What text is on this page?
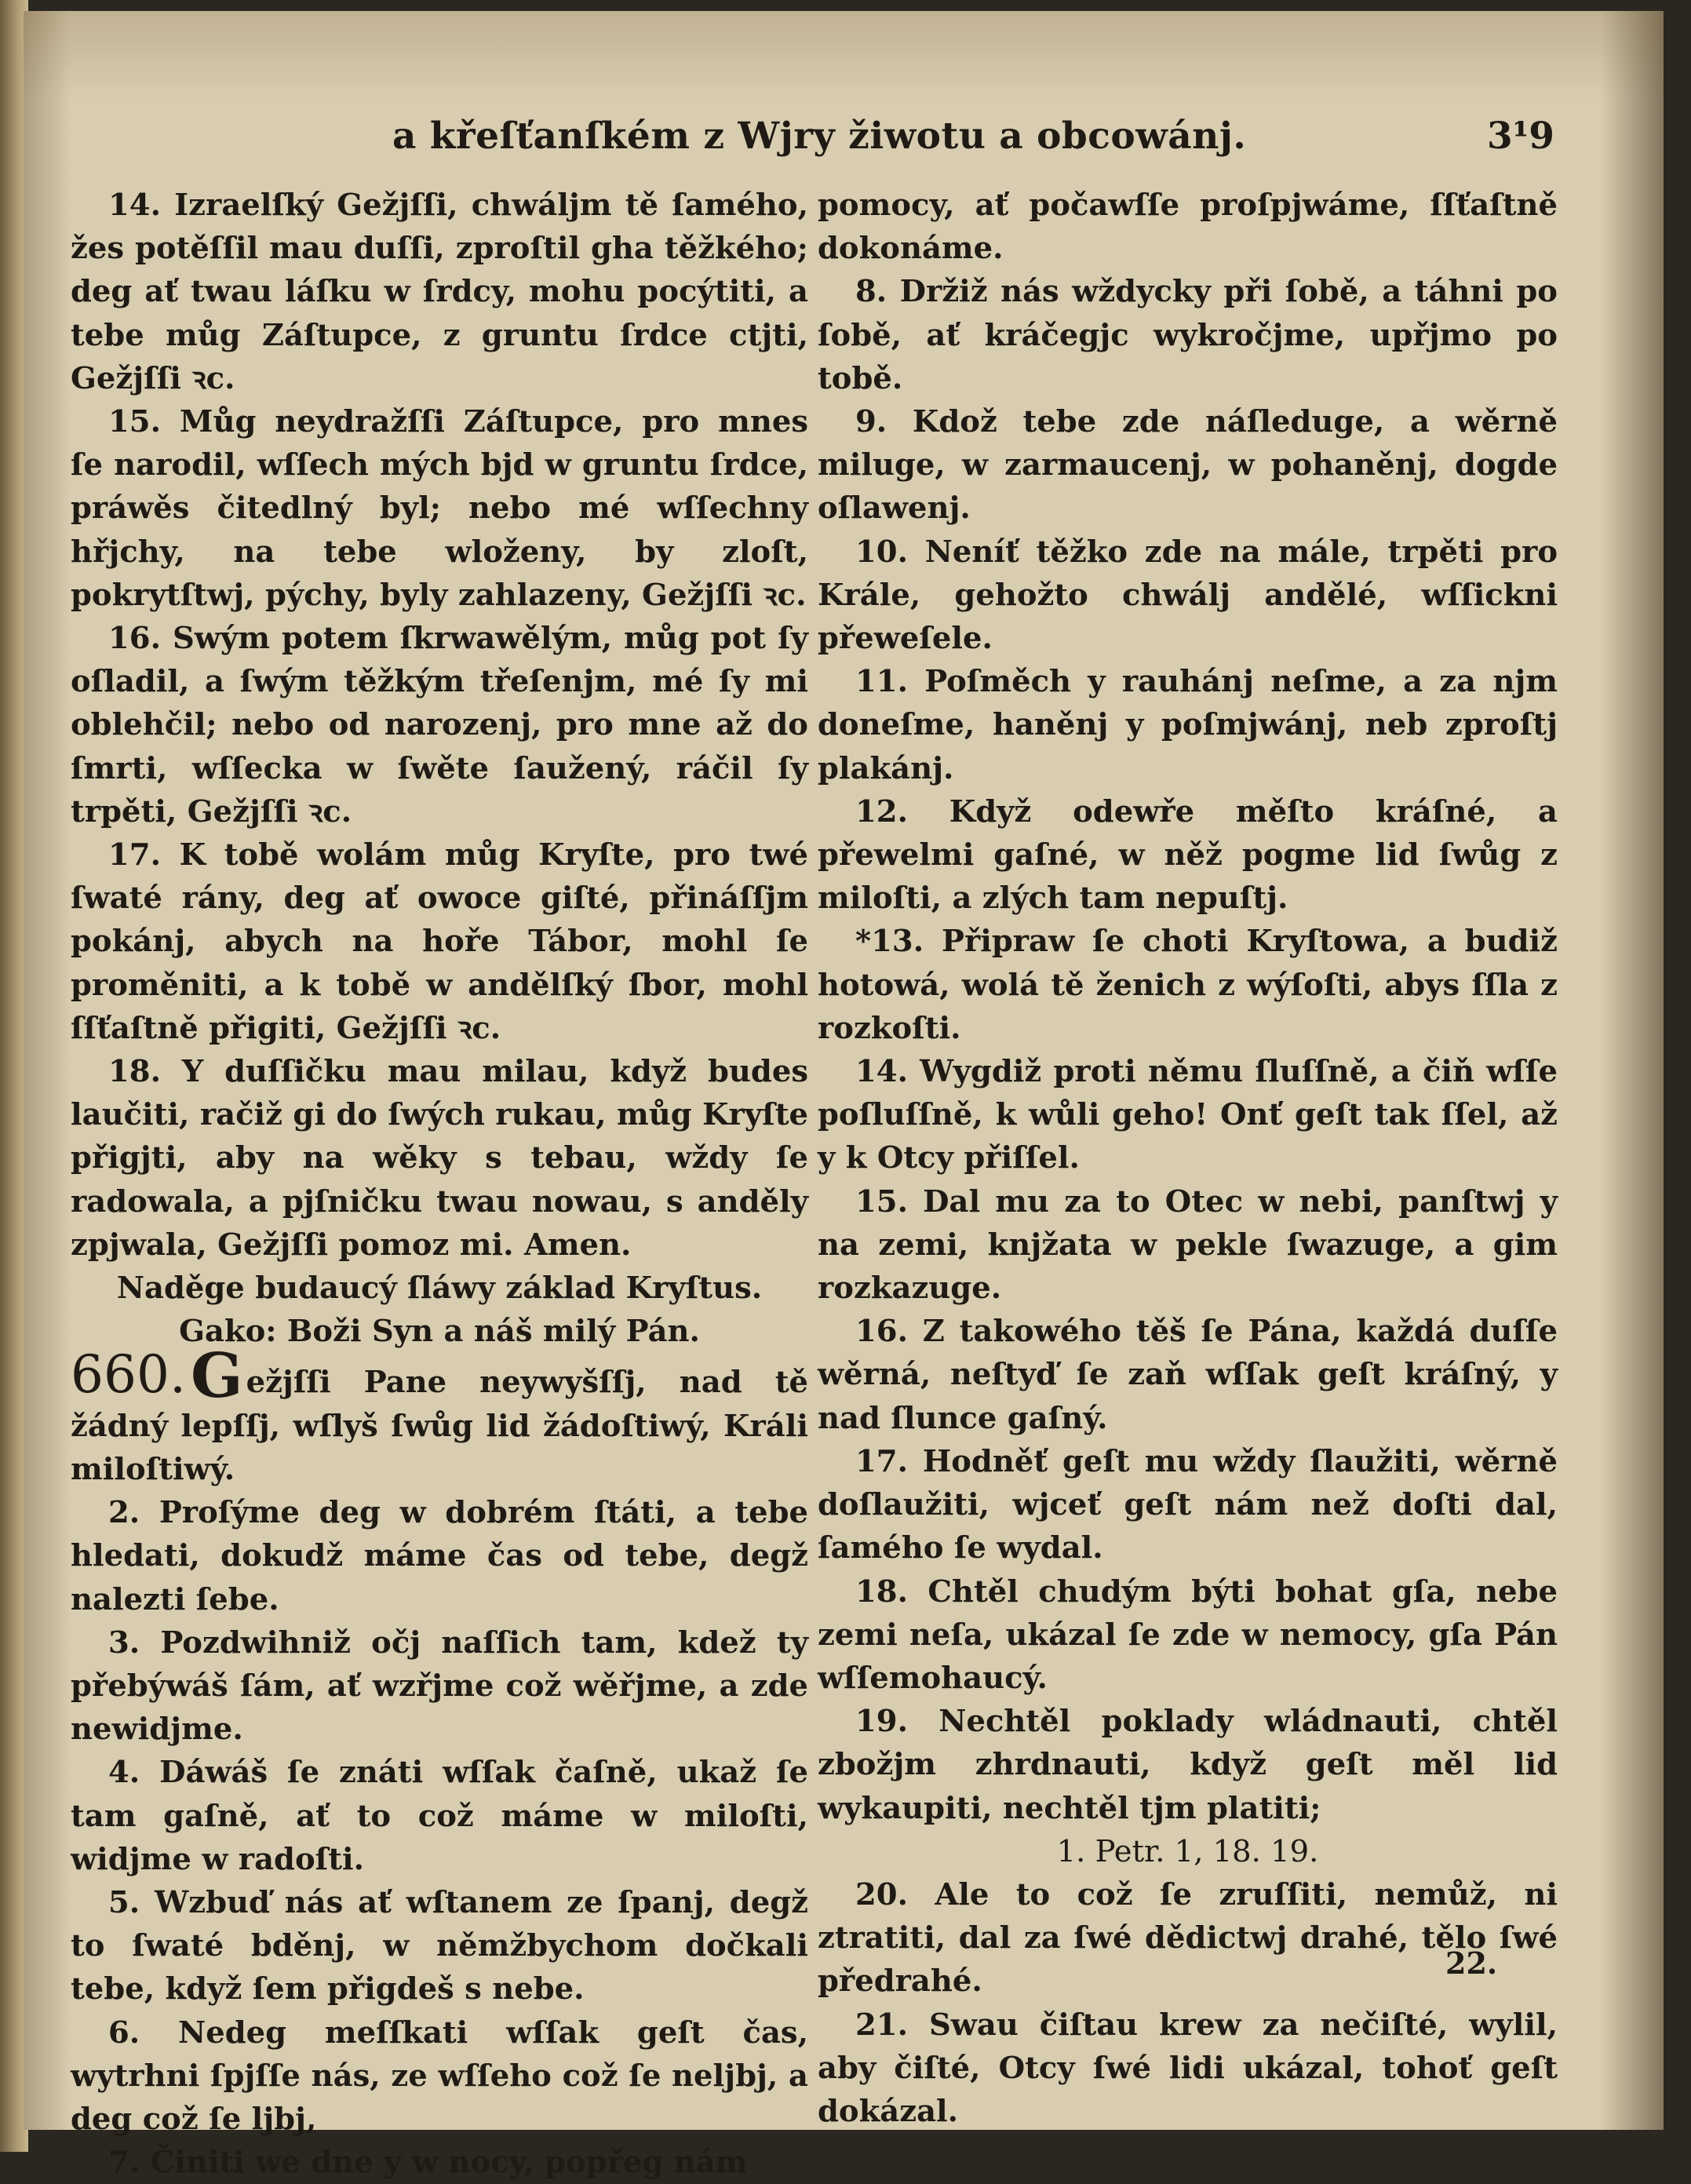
a křeſťanſkém z Wjry žiwotu a obcowánj.	3¹9

14. Izraelſký Gežjſſi, chwáljm tě ſamého, žes potěſſil mau duſſi, zproſtil gha těžkého; deg ať twau láſku w ſrdcy, mohu pocýtiti, a tebe můg Záſtupce, z gruntu ſrdce ctjti, Gežjſſi ꝛc.

15. Můg neydražſſi Záſtupce, pro mnes ſe narodil, wſſech mých bjd w gruntu ſrdce, práwěs čitedlný byl; nebo mé wſſechny hřjchy, na tebe wloženy, by zloſt, pokrytſtwj, pýchy, byly zahlazeny, Gežjſſi ꝛc.

16. Swým potem ſkrwawělým, můg pot ſy oſladil, a ſwým těžkým třeſenjm, mé ſy mi oblehčil; nebo od narozenj, pro mne až do ſmrti, wſſecka w ſwěte ſaužený, ráčil ſy trpěti, Gežjſſi ꝛc.

17. K tobě wolám můg Kryſte, pro twé ſwaté rány, deg ať owoce giſté, přináſſjm pokánj, abych na hoře Tábor, mohl ſe proměniti, a k tobě w andělſký ſbor, mohl ſſťaſtně přigiti, Gežjſſi ꝛc.

18. Y duſſičku mau milau, když budes laučiti, račiž gi do ſwých rukau, můg Kryſte přigjti, aby na wěky s tebau, wždy ſe radowala, a pjſničku twau nowau, s anděly zpjwala, Gežjſſi pomoz mi. Amen.

Naděge budaucý ſláwy základ Kryſtus.

Gako: Boži Syn a náš milý Pán.

660.G ežjſſi Pane neywyšſſj, nad tě žádný lepſſj, wſlyš ſwůg lid žádoſtiwý, Králi miloſtiwý.

2. Proſýme deg w dobrém ſtáti, a tebe hledati, dokudž máme čas od tebe, degž nalezti ſebe.

3. Pozdwihniž očj naſſich tam, kdež ty přebýwáš ſám, ať wzřjme což wěřjme, a zde newidjme.

4. Dáwáš ſe znáti wſſak čaſně, ukaž ſe tam gaſně, ať to což máme w miloſti, widjme w radoſti.

5. Wzbuď nás ať wſtanem ze ſpanj, degž to ſwaté bděnj, w němžbychom dočkali tebe, když ſem přigdeš s nebe.

6. Nedeg meſſkati wſſak geſt čas, wytrhni ſpjſſe nás, ze wſſeho což ſe neljbj, a deg což ſe ljbj,

7. Činiti we dne y w nocy, popřeg nám

pomocy, ať počawſſe proſpjwáme, ſſťaſtně dokonáme.

8. Držiž nás wždycky při ſobě, a táhni po ſobě, ať kráčegjc wykročjme, upřjmo po tobě.

9. Kdož tebe zde náſleduge, a wěrně miluge, w zarmaucenj, w pohaněnj, dogde oſlawenj.

10. Neníť těžko zde na mále, trpěti pro Krále, gehožto chwálj andělé, wſſickni přeweſele.

11. Poſměch y rauhánj neſme, a za njm doneſme, haněnj y poſmjwánj, neb zproſtj plakánj.

12. Když odewře měſto kráſné, a přewelmi gaſné, w něž pogme lid ſwůg z miloſti, a zlých tam nepuſtj.

*13. Připraw ſe choti Kryſtowa, a budiž hotowá, wolá tě ženich z wýſoſti, abys ſſla z rozkoſti.

14. Wygdiž proti němu ſluſſně, a čiň wſſe poſluſſně, k wůli geho! Onť geſt tak ſſel, až y k Otcy přiſſel.

15. Dal mu za to Otec w nebi, panſtwj y na zemi, knjžata w pekle ſwazuge, a gim rozkazuge.

16. Z takowého těš ſe Pána, každá duſſe wěrná, neſtyď ſe zaň wſſak geſt kráſný, y nad ſlunce gaſný.

17. Hodněť geſt mu wždy ſlaužiti, wěrně doſlaužiti, wjceť geſt nám než doſti dal, ſamého ſe wydal.

18. Chtěl chudým býti bohat gſa, nebe zemi neſa, ukázal ſe zde w nemocy, gſa Pán wſſemohaucý.

19. Nechtěl poklady wládnauti, chtěl zbožjm zhrdnauti, když geſt měl lid wykaupiti, nechtěl tjm platiti;

1. Petr. 1, 18. 19.

20. Ale to což ſe zruſſiti, nemůž, ni ztratiti, dal za ſwé dědictwj drahé, tělo ſwé předrahé.

21. Swau čiſtau krew za nečiſté, wylil, aby čiſté, Otcy ſwé lidi ukázal, tohoť geſt dokázal.

22.
